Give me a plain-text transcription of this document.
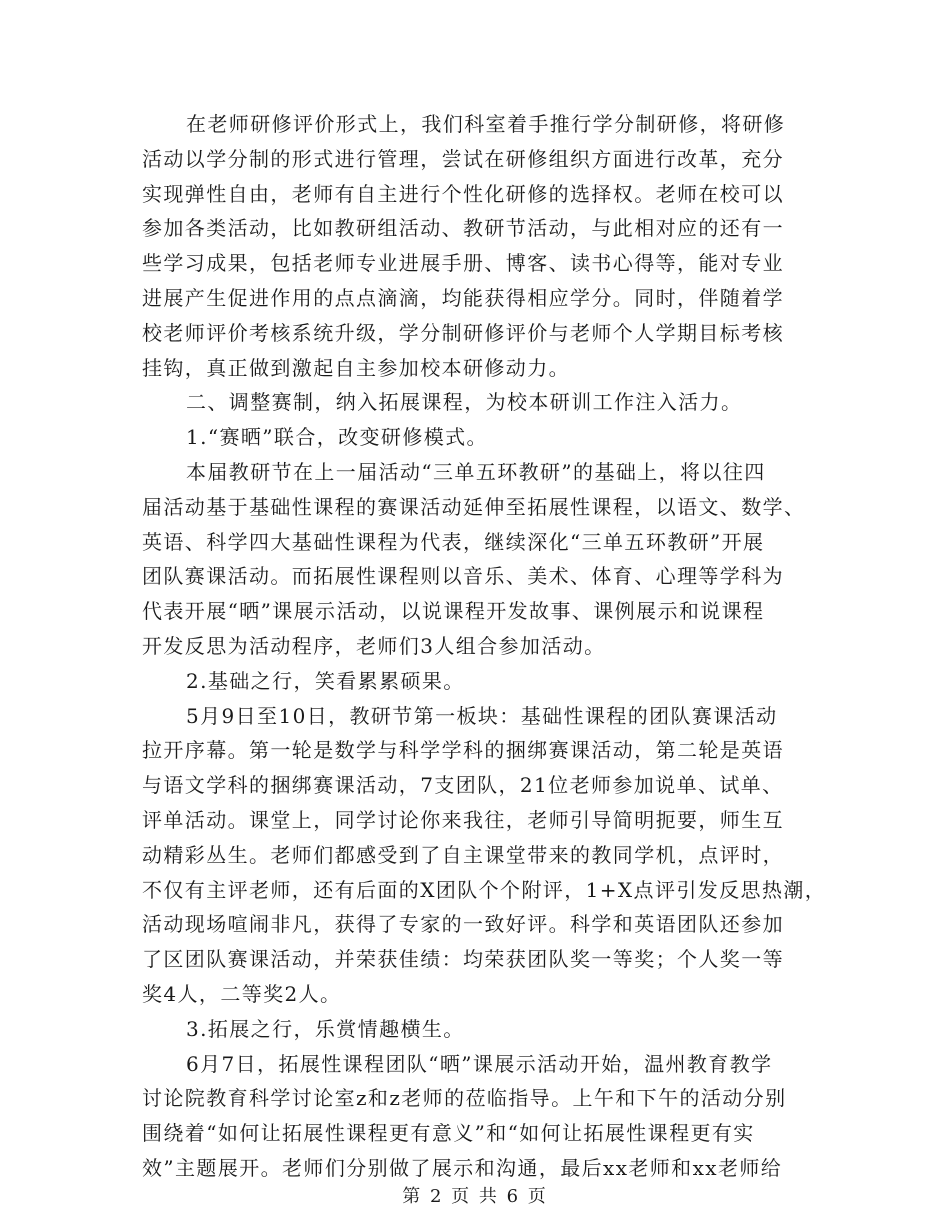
在老师研修评价形式上，我们科室着手推行学分制研修，将研修
活动以学分制的形式进行管理，尝试在研修组织方面进行改革，充分
实现弹性自由，老师有自主进行个性化研修的选择权。老师在校可以
参加各类活动，比如教研组活动、教研节活动，与此相对应的还有一
些学习成果，包括老师专业进展手册、博客、读书心得等，能对专业
进展产生促进作用的点点滴滴，均能获得相应学分。同时，伴随着学
校老师评价考核系统升级，学分制研修评价与老师个人学期目标考核
挂钩，真正做到激起自主参加校本研修动力。
二、调整赛制，纳入拓展课程，为校本研训工作注入活力。
1.“赛晒”联合，改变研修模式。
本届教研节在上一届活动“三单五环教研”的基础上，将以往四
届活动基于基础性课程的赛课活动延伸至拓展性课程，以语文、数学、
英语、科学四大基础性课程为代表，继续深化“三单五环教研”开展
团队赛课活动。而拓展性课程则以音乐、美术、体育、心理等学科为
代表开展“晒”课展示活动，以说课程开发故事、课例展示和说课程
开发反思为活动程序，老师们3人组合参加活动。
2.基础之行，笑看累累硕果。
5月9日至10日，教研节第一板块：基础性课程的团队赛课活动
拉开序幕。第一轮是数学与科学学科的捆绑赛课活动，第二轮是英语
与语文学科的捆绑赛课活动，7支团队，21位老师参加说单、试单、
评单活动。课堂上，同学讨论你来我往，老师引导简明扼要，师生互
动精彩丛生。老师们都感受到了自主课堂带来的教同学机，点评时，
不仅有主评老师，还有后面的X团队个个附评，1+X点评引发反思热潮，
活动现场喧闹非凡，获得了专家的一致好评。科学和英语团队还参加
了区团队赛课活动，并荣获佳绩：均荣获团队奖一等奖；个人奖一等
奖4人，二等奖2人。
3.拓展之行，乐赏情趣横生。
6月7日，拓展性课程团队“晒”课展示活动开始，温州教育教学
讨论院教育科学讨论室z和z老师的莅临指导。上午和下午的活动分别
围绕着“如何让拓展性课程更有意义”和“如何让拓展性课程更有实
效”主题展开。老师们分别做了展示和沟通，最后xx老师和xx老师给
第 2 页 共 6 页
